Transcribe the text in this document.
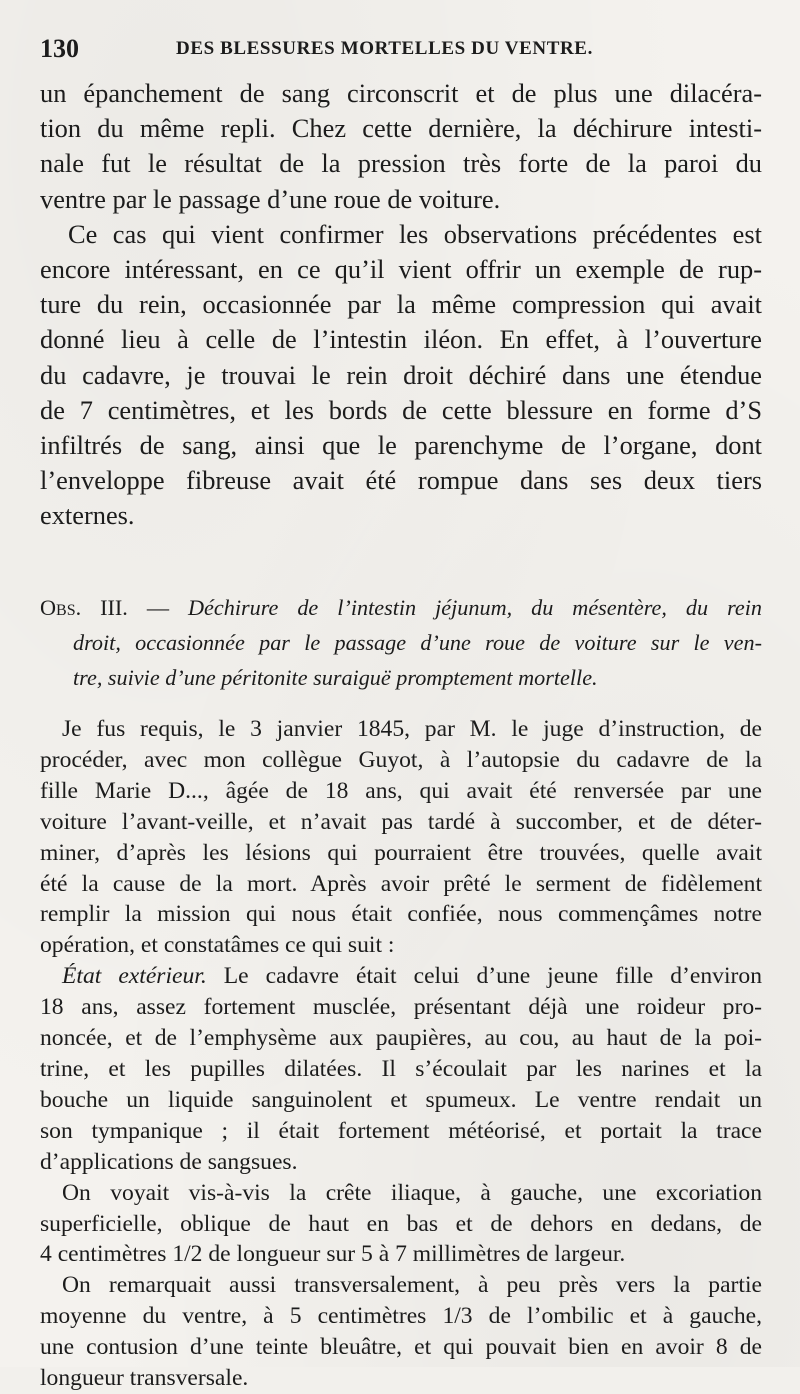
130	DES BLESSURES MORTELLES DU VENTRE.

un épanchement de sang circonscrit et de plus une dilacéra-
tion du même repli. Chez cette dernière, la déchirure intesti-
nale fut le résultat de la pression très forte de la paroi du
ventre par le passage d’une roue de voiture.

Ce cas qui vient confirmer les observations précédentes est
encore intéressant, en ce qu’il vient offrir un exemple de rup-
ture du rein, occasionnée par la même compression qui avait
donné lieu à celle de l’intestin iléon. En effet, à l’ouverture
du cadavre, je trouvai le rein droit déchiré dans une étendue
de 7 centimètres, et les bords de cette blessure en forme d’S
infiltrés de sang, ainsi que le parenchyme de l’organe, dont
l’enveloppe fibreuse avait été rompue dans ses deux tiers
externes.

Obs. III. — Déchirure de l’intestin jéjunum, du mésentère, du rein
droit, occasionnée par le passage d’une roue de voiture sur le ven-
tre, suivie d’une péritonite suraiguë promptement mortelle.

Je fus requis, le 3 janvier 1845, par M. le juge d’instruction, de
procéder, avec mon collègue Guyot, à l’autopsie du cadavre de la
fille Marie D..., âgée de 18 ans, qui avait été renversée par une
voiture l’avant-veille, et n’avait pas tardé à succomber, et de déter-
miner, d’après les lésions qui pourraient être trouvées, quelle avait
été la cause de la mort. Après avoir prêté le serment de fidèlement
remplir la mission qui nous était confiée, nous commençâmes notre
opération, et constatâmes ce qui suit :

État extérieur. Le cadavre était celui d’une jeune fille d’environ
18 ans, assez fortement musclée, présentant déjà une roideur pro-
noncée, et de l’emphysème aux paupières, au cou, au haut de la poi-
trine, et les pupilles dilatées. Il s’écoulait par les narines et la
bouche un liquide sanguinolent et spumeux. Le ventre rendait un
son tympanique ; il était fortement météorisé, et portait la trace
d’applications de sangsues.

On voyait vis-à-vis la crête iliaque, à gauche, une excoriation
superficielle, oblique de haut en bas et de dehors en dedans, de
4 centimètres 1/2 de longueur sur 5 à 7 millimètres de largeur.

On remarquait aussi transversalement, à peu près vers la partie
moyenne du ventre, à 5 centimètres 1/3 de l’ombilic et à gauche,
une contusion d’une teinte bleuâtre, et qui pouvait bien en avoir 8 de
longueur transversale.
